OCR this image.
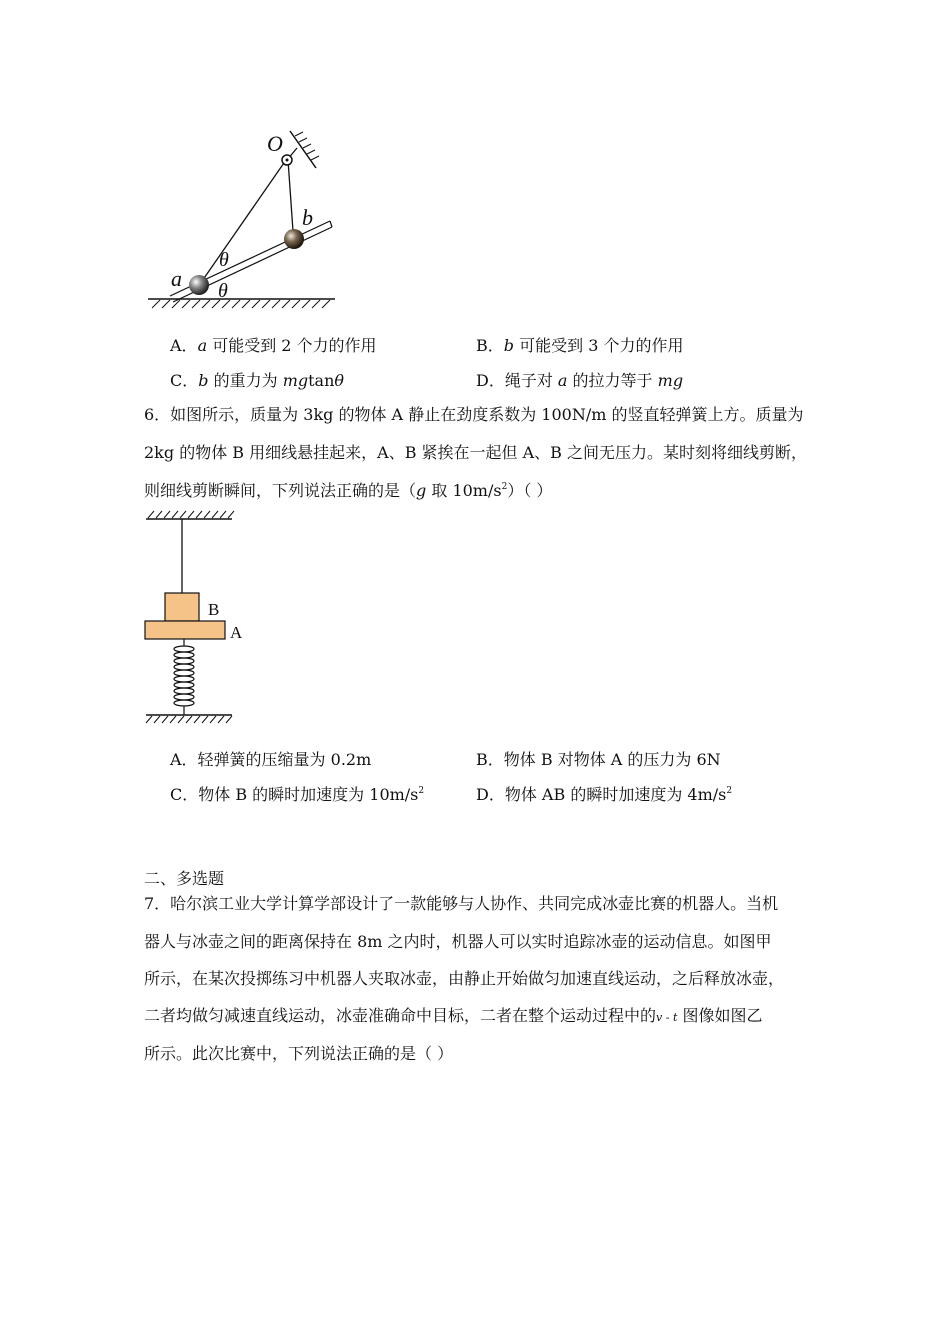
O
b
a
θ
θ
A．a 可能受到 2 个力的作用	B．b 可能受到 3 个力的作用
C．b 的重力为 mgtanθ	D．绳子对 a 的拉力等于 mg
6．如图所示，质量为 3kg 的物体 A 静止在劲度系数为 100N/m 的竖直轻弹簧上方。质量为
2kg 的物体 B 用细线悬挂起来，A、B 紧挨在一起但 A、B 之间无压力。某时刻将细线剪断，
则细线剪断瞬间，下列说法正确的是（g 取 $10m/s^2$）（ ）
B
A
A．轻弹簧的压缩量为 0.2m	B．物体 B 对物体 A 的压力为 6N
C．物体 B 的瞬时加速度为 $10m/s^2$	D．物体 AB 的瞬时加速度为 $4m/s^2$
二、多选题
7．哈尔滨工业大学计算学部设计了一款能够与人协作、共同完成冰壶比赛的机器人。当机
器人与冰壶之间的距离保持在 8m 之内时，机器人可以实时追踪冰壶的运动信息。如图甲
所示，在某次投掷练习中机器人夹取冰壶，由静止开始做匀加速直线运动，之后释放冰壶，
二者均做匀减速直线运动，冰壶准确命中目标，二者在整个运动过程中的v - t 图像如图乙
所示。此次比赛中，下列说法正确的是（ ）
